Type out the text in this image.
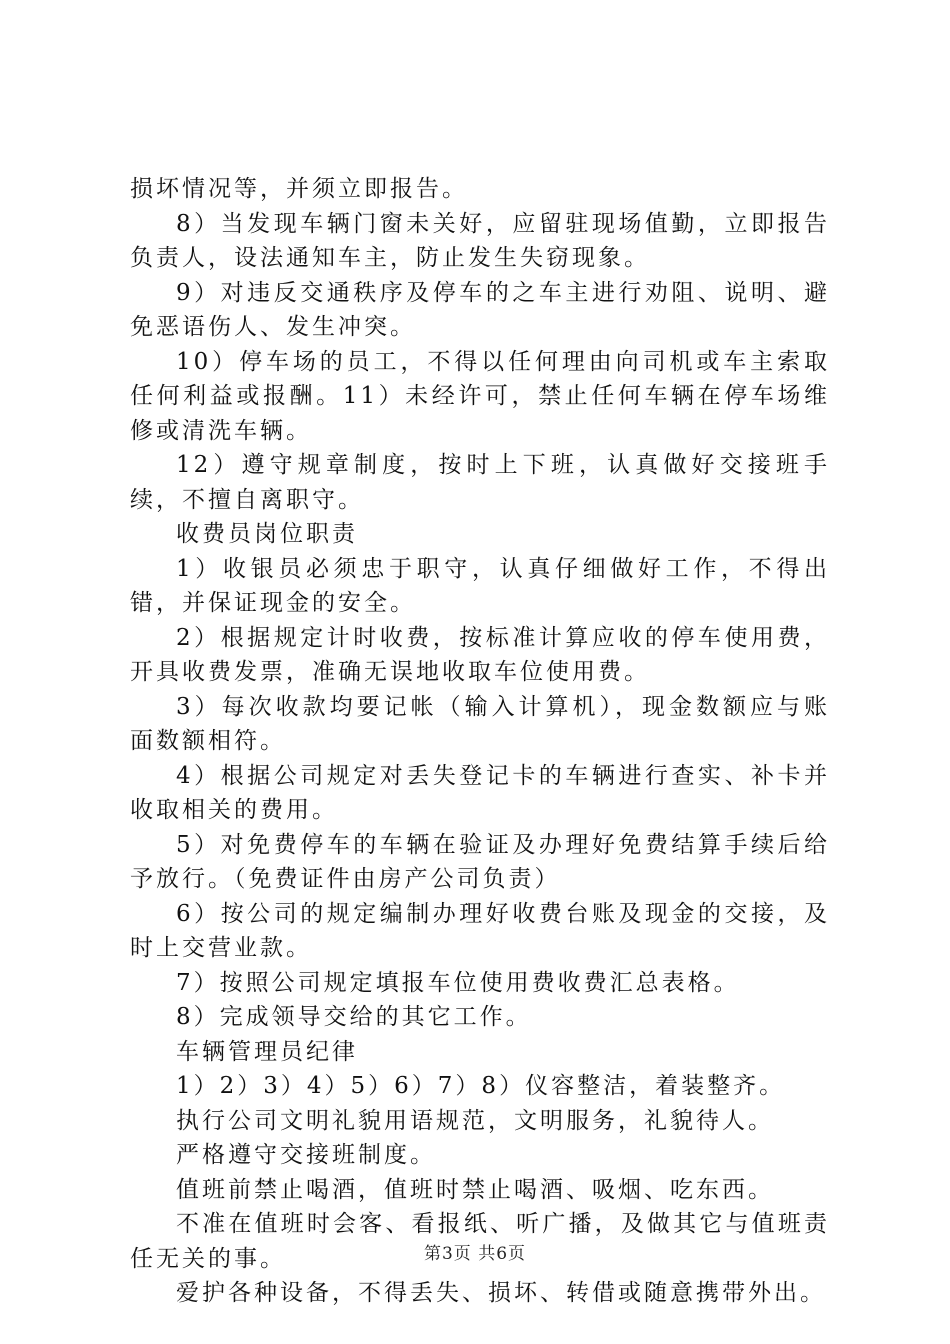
损坏情况等，并须立即报告。

8）当发现车辆门窗未关好，应留驻现场值勤，立即报告负责人，设法通知车主，防止发生失窃现象。

9）对违反交通秩序及停车的之车主进行劝阻、说明、避免恶语伤人、发生冲突。

10）停车场的员工，不得以任何理由向司机或车主索取任何利益或报酬。11）未经许可，禁止任何车辆在停车场维修或清洗车辆。

12）遵守规章制度，按时上下班，认真做好交接班手续，不擅自离职守。

收费员岗位职责

1）收银员必须忠于职守，认真仔细做好工作，不得出错，并保证现金的安全。

2）根据规定计时收费，按标准计算应收的停车使用费，开具收费发票，准确无误地收取车位使用费。

3）每次收款均要记帐（输入计算机），现金数额应与账面数额相符。

4）根据公司规定对丢失登记卡的车辆进行查实、补卡并收取相关的费用。

5）对免费停车的车辆在验证及办理好免费结算手续后给予放行。（免费证件由房产公司负责）

6）按公司的规定编制办理好收费台账及现金的交接，及时上交营业款。

7）按照公司规定填报车位使用费收费汇总表格。

8）完成领导交给的其它工作。

车辆管理员纪律

1）2）3）4）5）6）7）8）仪容整洁，着装整齐。

执行公司文明礼貌用语规范，文明服务，礼貌待人。

严格遵守交接班制度。

值班前禁止喝酒，值班时禁止喝酒、吸烟、吃东西。

不准在值班时会客、看报纸、听广播，及做其它与值班责任无关的事。

爱护各种设备，不得丢失、损坏、转借或随意携带外出。

第3页 共6页
